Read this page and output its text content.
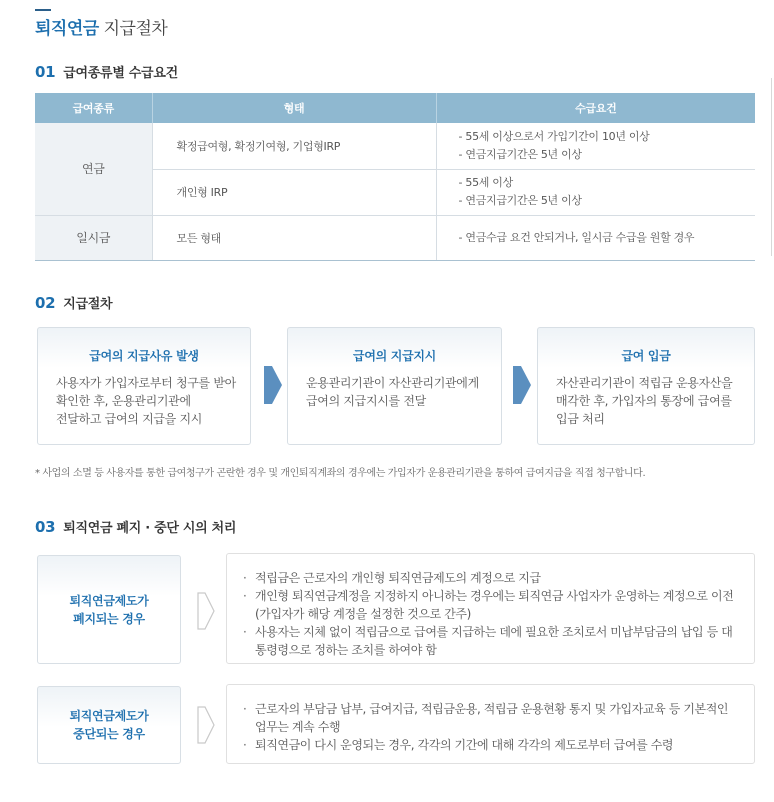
퇴직연금 지급절차
01 급여종류별 수급요건
급여종류	형태	수급요건
연금	확정급여형, 확정기여형, 기업형IRP	- 55세 이상으로서 가입기간이 10년 이상
- 연금지급기간은 5년 이상

	개인형 IRP	- 55세 이상
- 연금지급기간은 5년 이상

일시금	모든 형태	- 연금수급 요건 안되거나, 일시금 수급을 원할 경우
02 지급절차
급여의 지급사유 발생
사용자가 가입자로부터 청구를 받아
확인한 후, 운용관리기관에
전달하고 급여의 지급을 지시
급여의 지급지시
운용관리기관이 자산관리기관에게
급여의 지급지시를 전달
급여 입금
자산관리기관이 적립금 운용자산을
매각한 후, 가입자의 통장에 급여를
입금 처리
* 사업의 소멸 등 사용자를 통한 급여청구가 곤란한 경우 및 개인퇴직계좌의 경우에는 가입자가 운용관리기관을 통하여 급여지급을 직접 청구합니다.
03 퇴직연금 폐지 · 중단 시의 처리
퇴직연금제도가
폐지되는 경우
· 적립금은 근로자의 개인형 퇴직연금제도의 계정으로 지급
· 개인형 퇴직연금계정을 지정하지 아니하는 경우에는 퇴직연금 사업자가 운영하는 계정으로 이전(가입자가 해당 계정을 설정한 것으로 간주)
· 사용자는 지체 없이 적립금으로 급여를 지급하는 데에 필요한 조치로서 미납부담금의 납입 등 대통령령으로 정하는 조치를 하여야 함
퇴직연금제도가
중단되는 경우
· 근로자의 부담금 납부, 급여지급, 적립금운용, 적립금 운용현황 통지 및 가입자교육 등 기본적인 업무는 계속 수행
· 퇴직연금이 다시 운영되는 경우, 각각의 기간에 대해 각각의 제도로부터 급여를 수령
